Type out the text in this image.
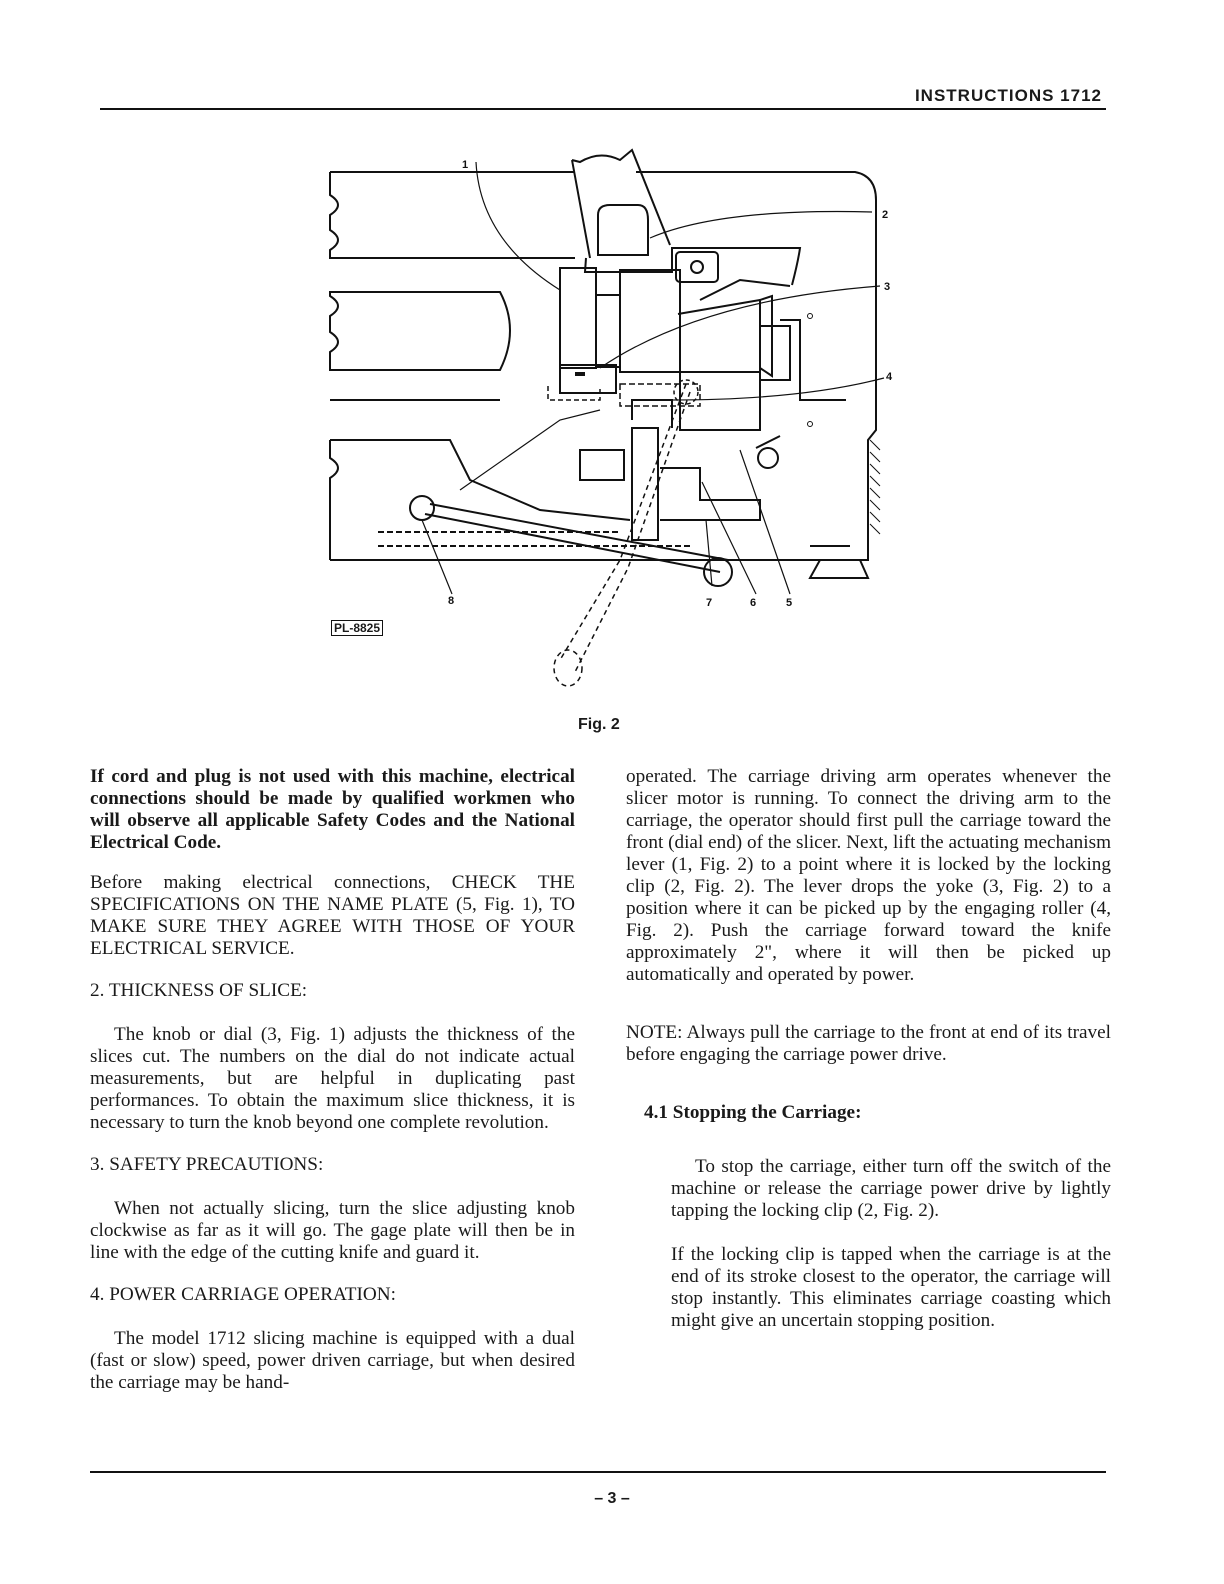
INSTRUCTIONS 1712
1
2
3
4
5
6
7
8
PL-8825
Fig. 2

If cord and plug is not used with this machine, electrical connections should be made by qualified workmen who will observe all applicable Safety Codes and the National Electrical Code.

Before making electrical connections, CHECK THE SPECIFICATIONS ON THE NAME PLATE (5, Fig. 1), TO MAKE SURE THEY AGREE WITH THOSE OF YOUR ELECTRICAL SERVICE.

2. THICKNESS OF SLICE:

The knob or dial (3, Fig. 1) adjusts the thickness of the slices cut. The numbers on the dial do not indicate actual measurements, but are helpful in duplicating past performances. To obtain the maximum slice thickness, it is necessary to turn the knob beyond one complete revolution.

3. SAFETY PRECAUTIONS:

When not actually slicing, turn the slice adjusting knob clockwise as far as it will go. The gage plate will then be in line with the edge of the cutting knife and guard it.

4. POWER CARRIAGE OPERATION:

The model 1712 slicing machine is equipped with a dual (fast or slow) speed, power driven carriage, but when desired the carriage may be hand-

operated. The carriage driving arm operates whenever the slicer motor is running. To connect the driving arm to the carriage, the operator should first pull the carriage toward the front (dial end) of the slicer. Next, lift the actuating mechanism lever (1, Fig. 2) to a point where it is locked by the locking clip (2, Fig. 2). The lever drops the yoke (3, Fig. 2) to a position where it can be picked up by the engaging roller (4, Fig. 2). Push the carriage forward toward the knife approximately 2", where it will then be picked up automatically and operated by power.

NOTE: Always pull the carriage to the front at end of its travel before engaging the carriage power drive.

4.1 Stopping the Carriage:

To stop the carriage, either turn off the switch of the machine or release the carriage power drive by lightly tapping the locking clip (2, Fig. 2).

If the locking clip is tapped when the carriage is at the end of its stroke closest to the operator, the carriage will stop instantly. This eliminates carriage coasting which might give an uncertain stopping position.

– 3 –
